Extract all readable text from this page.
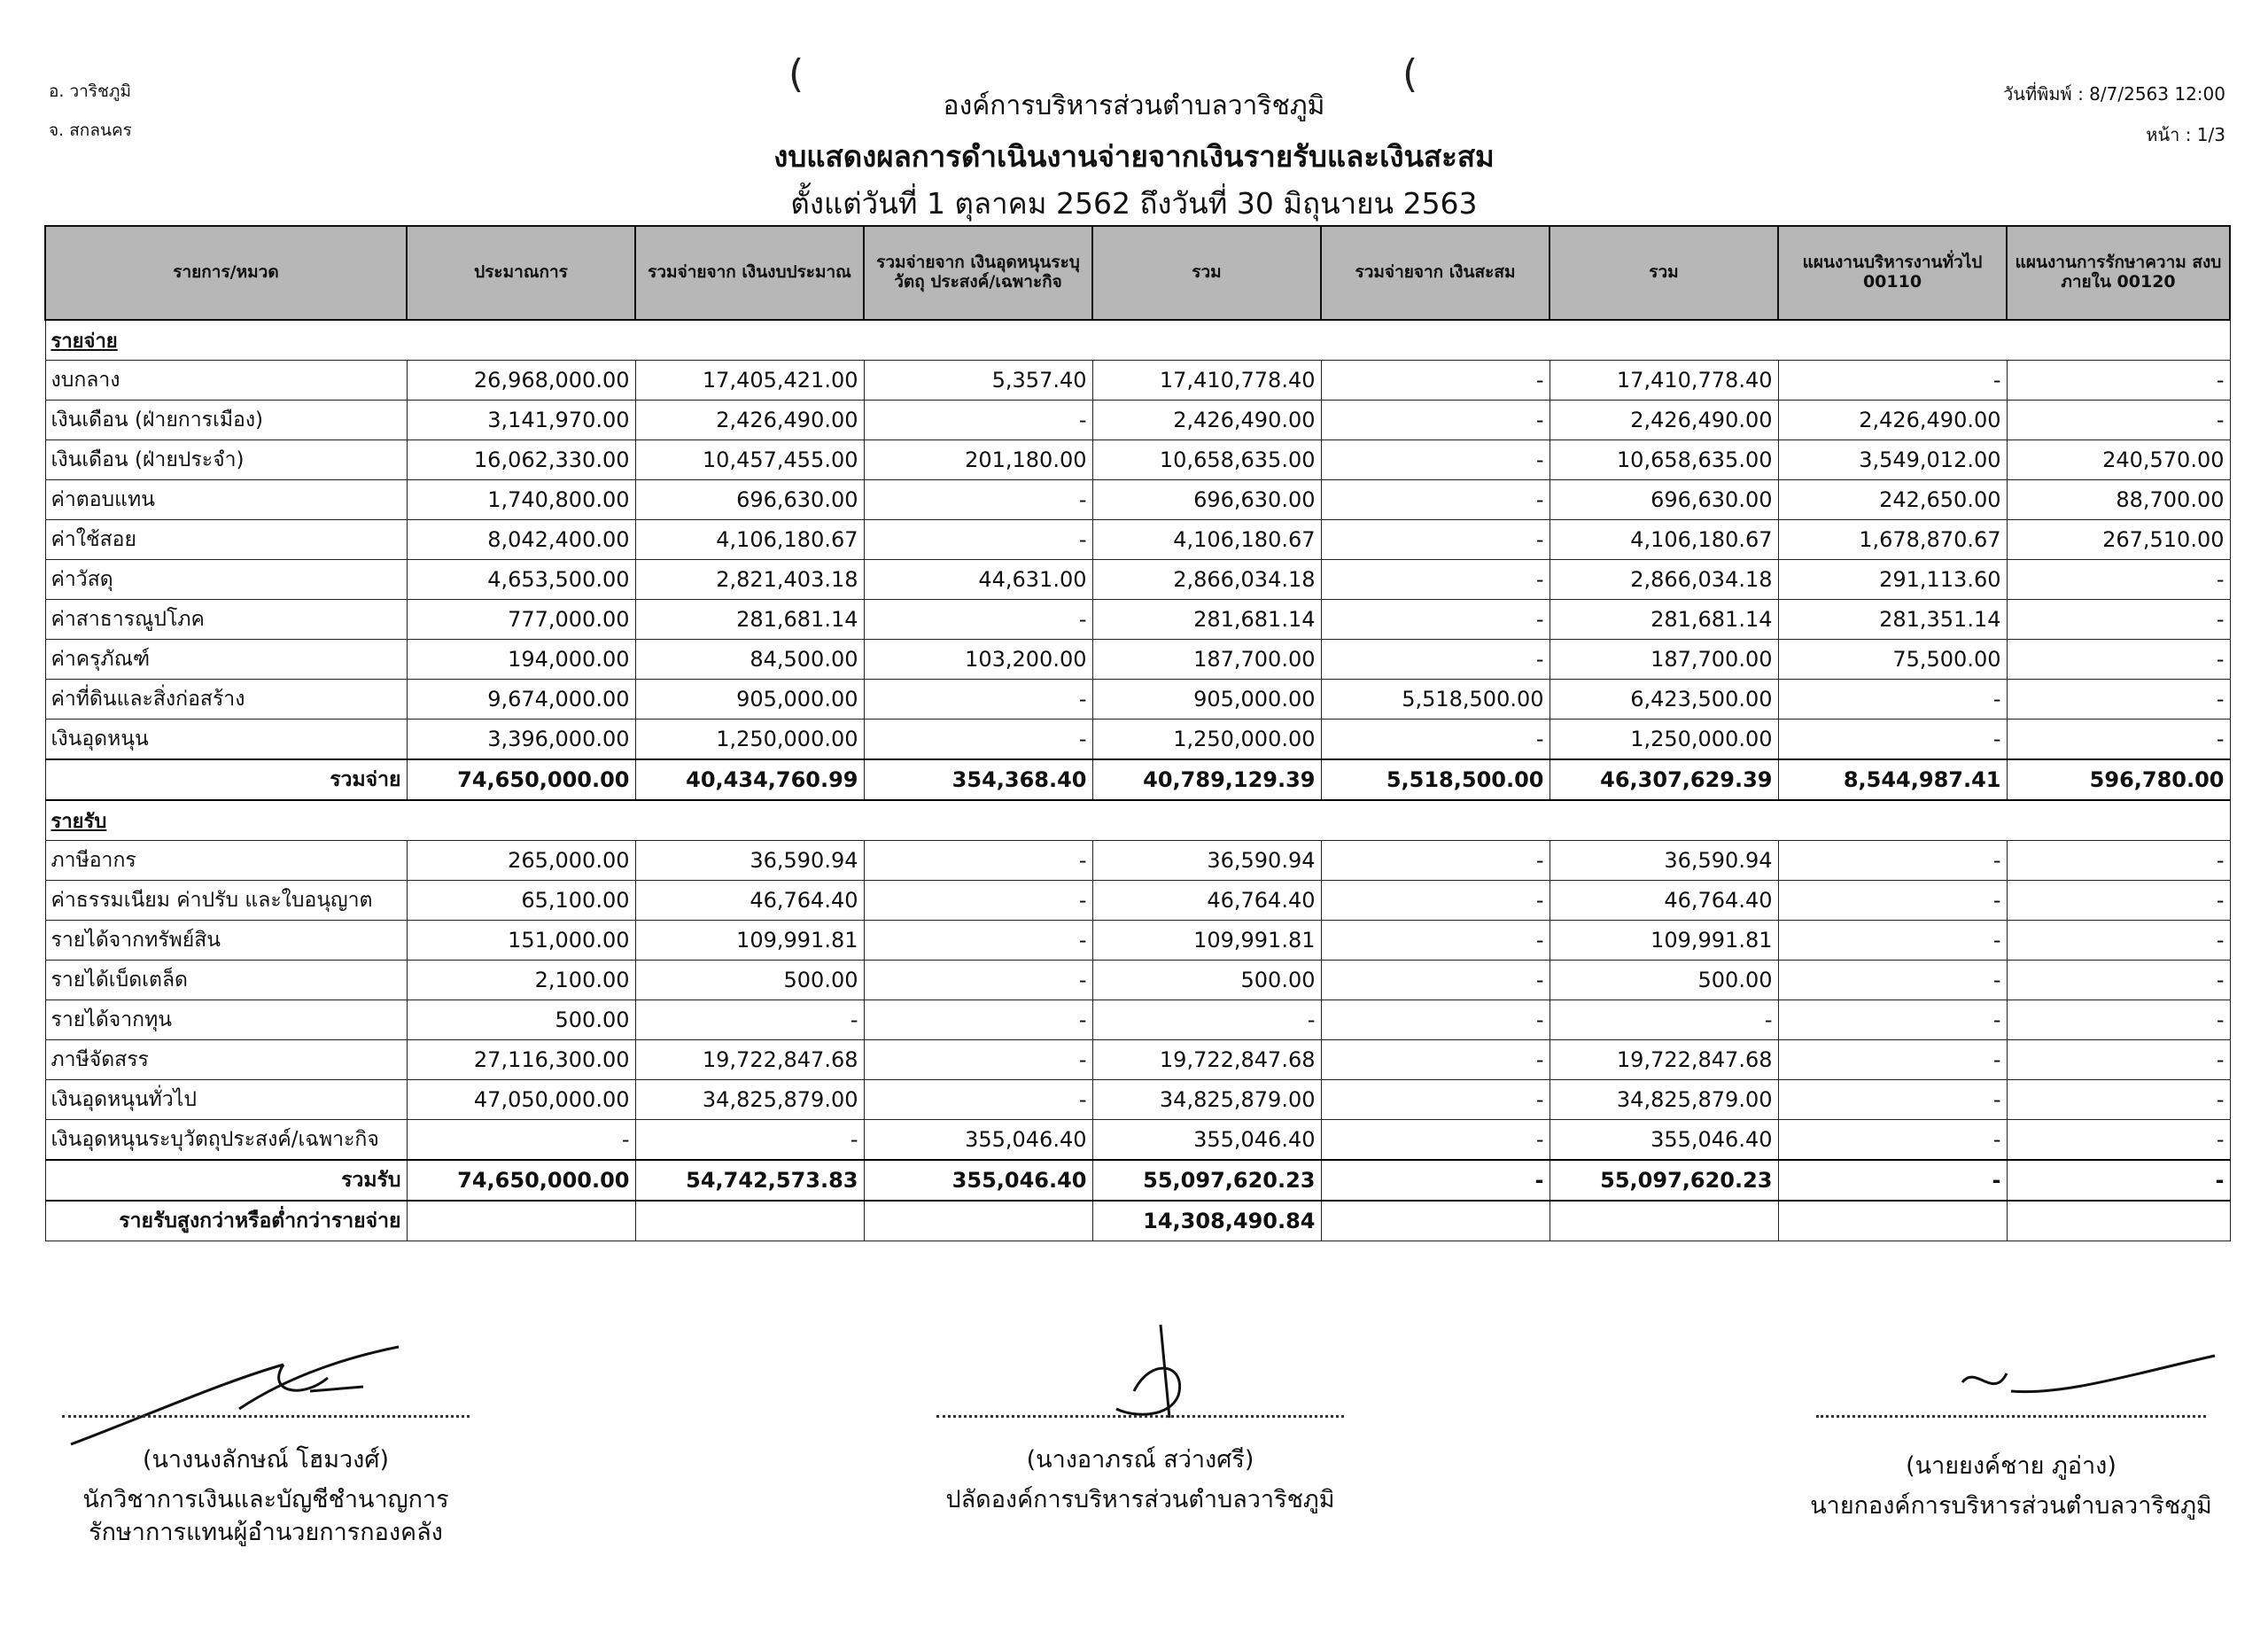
อ. วาริชภูมิ
จ. สกลนคร
วันที่พิมพ์ : 8/7/2563 12:00
หน้า : 1/3
(	(
องค์การบริหารส่วนตำบลวาริชภูมิ
งบแสดงผลการดำเนินงานจ่ายจากเงินรายรับและเงินสะสม
ตั้งแต่วันที่ 1 ตุลาคม 2562 ถึงวันที่ 30 มิถุนายน 2563
รายการ/หมวด	ประมาณการ	รวมจ่ายจาก เงินงบประมาณ	รวมจ่ายจาก เงินอุดหนุนระบุวัตถุ ประสงค์/เฉพาะกิจ	รวม	รวมจ่ายจาก เงินสะสม	รวม	แผนงานบริหารงานทั่วไป 00110	แผนงานการรักษาความ สงบภายใน 00120
รายจ่าย								
งบกลาง	26,968,000.00	17,405,421.00	5,357.40	17,410,778.40	-	17,410,778.40	-	-
เงินเดือน (ฝ่ายการเมือง)	3,141,970.00	2,426,490.00	-	2,426,490.00	-	2,426,490.00	2,426,490.00	-
เงินเดือน (ฝ่ายประจำ)	16,062,330.00	10,457,455.00	201,180.00	10,658,635.00	-	10,658,635.00	3,549,012.00	240,570.00
ค่าตอบแทน	1,740,800.00	696,630.00	-	696,630.00	-	696,630.00	242,650.00	88,700.00
ค่าใช้สอย	8,042,400.00	4,106,180.67	-	4,106,180.67	-	4,106,180.67	1,678,870.67	267,510.00
ค่าวัสดุ	4,653,500.00	2,821,403.18	44,631.00	2,866,034.18	-	2,866,034.18	291,113.60	-
ค่าสาธารณูปโภค	777,000.00	281,681.14	-	281,681.14	-	281,681.14	281,351.14	-
ค่าครุภัณฑ์	194,000.00	84,500.00	103,200.00	187,700.00	-	187,700.00	75,500.00	-
ค่าที่ดินและสิ่งก่อสร้าง	9,674,000.00	905,000.00	-	905,000.00	5,518,500.00	6,423,500.00	-	-
เงินอุดหนุน	3,396,000.00	1,250,000.00	-	1,250,000.00	-	1,250,000.00	-	-
รวมจ่าย	74,650,000.00	40,434,760.99	354,368.40	40,789,129.39	5,518,500.00	46,307,629.39	8,544,987.41	596,780.00
รายรับ								
ภาษีอากร	265,000.00	36,590.94	-	36,590.94	-	36,590.94	-	-
ค่าธรรมเนียม ค่าปรับ และใบอนุญาต	65,100.00	46,764.40	-	46,764.40	-	46,764.40	-	-
รายได้จากทรัพย์สิน	151,000.00	109,991.81	-	109,991.81	-	109,991.81	-	-
รายได้เบ็ดเตล็ด	2,100.00	500.00	-	500.00	-	500.00	-	-
รายได้จากทุน	500.00	-	-	-	-	-	-	-
ภาษีจัดสรร	27,116,300.00	19,722,847.68	-	19,722,847.68	-	19,722,847.68	-	-
เงินอุดหนุนทั่วไป	47,050,000.00	34,825,879.00	-	34,825,879.00	-	34,825,879.00	-	-
เงินอุดหนุนระบุวัตถุประสงค์/เฉพาะกิจ	-	-	355,046.40	355,046.40	-	355,046.40	-	-
รวมรับ	74,650,000.00	54,742,573.83	355,046.40	55,097,620.23	-	55,097,620.23	-	-
รายรับสูงกว่าหรือต่ำกว่ารายจ่าย				14,308,490.84				
(นางนงลักษณ์ โฮมวงศ์)
นักวิชาการเงินและบัญชีชำนาญการ
รักษาการแทนผู้อำนวยการกองคลัง
(นางอาภรณ์ สว่างศรี)
ปลัดองค์การบริหารส่วนตำบลวาริชภูมิ
(นายยงค์ชาย ภูอ่าง)
นายกองค์การบริหารส่วนตำบลวาริชภูมิ
